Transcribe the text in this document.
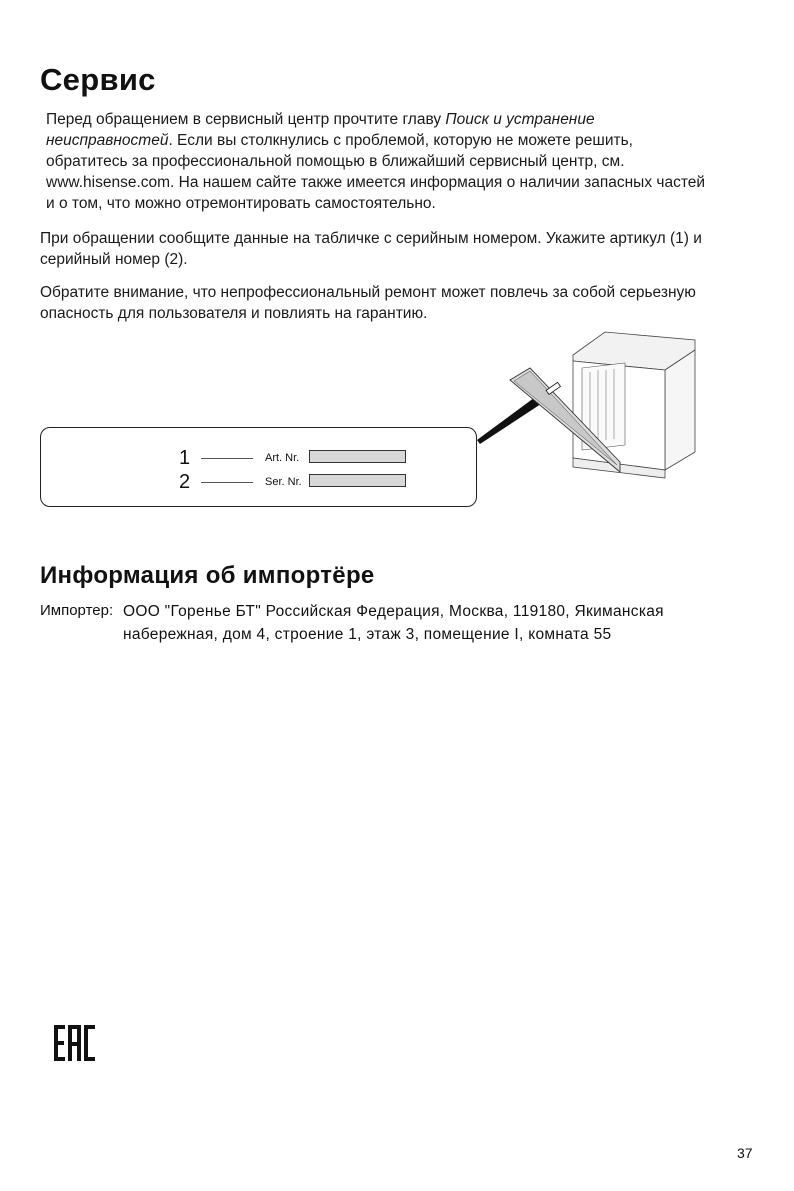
Сервис

Перед обращением в сервисный центр прочтите главу Поиск и устранение
неисправностей. Если вы столкнулись с проблемой, которую не можете решить,
обратитесь за профессиональной помощью в ближайший сервисный центр, см.
www.hisense.com. На нашем сайте также имеется информация о наличии запасных частей
и о том, что можно отремонтировать самостоятельно.

При обращении сообщите данные на табличке с серийным номером. Укажите артикул (1) и
серийный номер (2).

Обратите внимание, что непрофессиональный ремонт может повлечь за собой серьезную
опасность для пользователя и повлиять на гарантию.

1	Art. Nr.
2	Ser. Nr.
Информация об импортёре
Импортер: ООО "Горенье БТ" Российская Федерация, Москва, 119180, Якиманская
набережная, дом 4, строение 1, этаж 3, помещение I, комната 55
37
